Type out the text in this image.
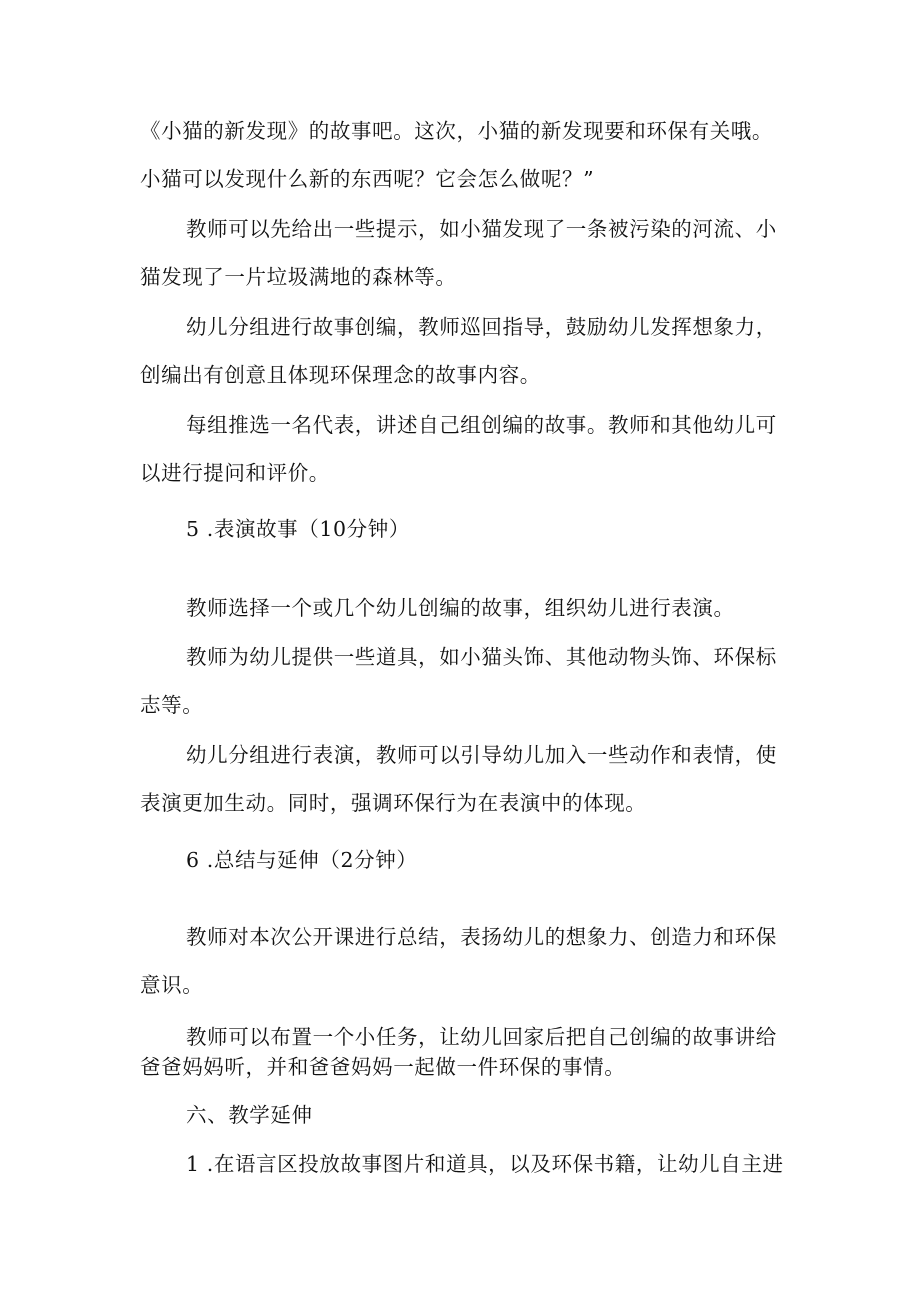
《小猫的新发现》的故事吧。这次，小猫的新发现要和环保有关哦。
小猫可以发现什么新的东西呢？它会怎么做呢？”
教师可以先给出一些提示，如小猫发现了一条被污染的河流、小
猫发现了一片垃圾满地的森林等。
幼儿分组进行故事创编，教师巡回指导，鼓励幼儿发挥想象力，
创编出有创意且体现环保理念的故事内容。
每组推选一名代表，讲述自己组创编的故事。教师和其他幼儿可
以进行提问和评价。
5 .表演故事（10分钟）
教师选择一个或几个幼儿创编的故事，组织幼儿进行表演。
教师为幼儿提供一些道具，如小猫头饰、其他动物头饰、环保标
志等。
幼儿分组进行表演，教师可以引导幼儿加入一些动作和表情，使
表演更加生动。同时，强调环保行为在表演中的体现。
6 .总结与延伸（2分钟）
教师对本次公开课进行总结，表扬幼儿的想象力、创造力和环保
意识。
教师可以布置一个小任务，让幼儿回家后把自己创编的故事讲给
爸爸妈妈听，并和爸爸妈妈一起做一件环保的事情。
六、教学延伸
1 .在语言区投放故事图片和道具，以及环保书籍，让幼儿自主进
